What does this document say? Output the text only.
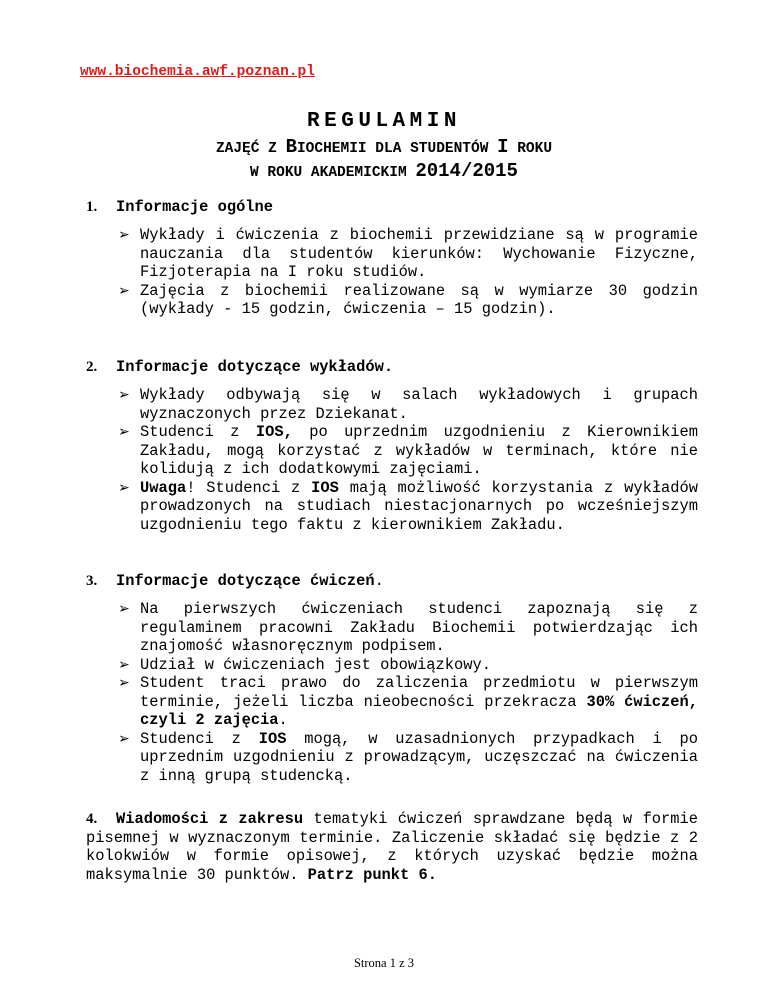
www.biochemia.awf.poznan.pl
REGULAMIN
ZAJĘĆ Z BIOCHEMII DLA STUDENTÓW I ROKU
W ROKU AKADEMICKIM 2014/2015
1. Informacje ogólne
➢ Wykłady i ćwiczenia z biochemii przewidziane są w programie nauczania dla studentów kierunków: Wychowanie Fizyczne, Fizjoterapia na I roku studiów.
➢ Zajęcia z biochemii realizowane są w wymiarze 30 godzin (wykłady - 15 godzin, ćwiczenia – 15 godzin).
2. Informacje dotyczące wykładów.
➢ Wykłady odbywają się w salach wykładowych i grupach wyznaczonych przez Dziekanat.
➢ Studenci z IOS, po uprzednim uzgodnieniu z Kierownikiem Zakładu, mogą korzystać z wykładów w terminach, które nie kolidują z ich dodatkowymi zajęciami.
➢ Uwaga! Studenci z IOS mają możliwość korzystania z wykładów prowadzonych na studiach niestacjonarnych po wcześniejszym uzgodnieniu tego faktu z kierownikiem Zakładu.
3. Informacje dotyczące ćwiczeń.
➢ Na pierwszych ćwiczeniach studenci zapoznają się z regulaminem pracowni Zakładu Biochemii potwierdzając ich znajomość własnoręcznym podpisem.
➢ Udział w ćwiczeniach jest obowiązkowy.
➢ Student traci prawo do zaliczenia przedmiotu w pierwszym terminie, jeżeli liczba nieobecności przekracza 30% ćwiczeń, czyli 2 zajęcia.
➢ Studenci z IOS mogą, w uzasadnionych przypadkach i po uprzednim uzgodnieniu z prowadzącym, uczęszczać na ćwiczenia z inną grupą studencką.
4. Wiadomości z zakresu tematyki ćwiczeń sprawdzane będą w formie pisemnej w wyznaczonym terminie. Zaliczenie składać się będzie z 2 kolokwiów w formie opisowej, z których uzyskać będzie można maksymalnie 30 punktów. Patrz punkt 6.
Strona 1 z 3
